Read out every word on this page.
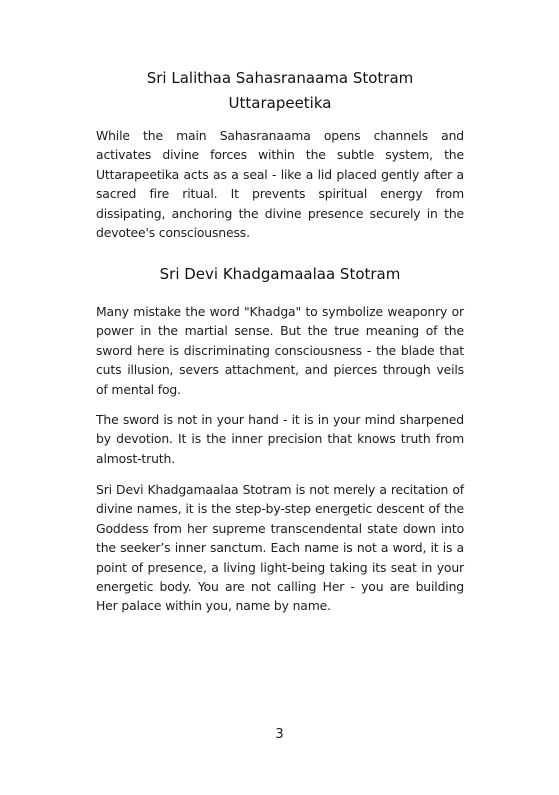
Sri Lalithaa Sahasranaama Stotram
Uttarapeetika

While the main Sahasranaama opens channels and activates divine forces within the subtle system, the Uttarapeetika acts as a seal - like a lid placed gently after a sacred fire ritual. It prevents spiritual energy from dissipating, anchoring the divine presence securely in the devotee's consciousness.

Sri Devi Khadgamaalaa Stotram

Many mistake the word "Khadga" to symbolize weaponry or power in the martial sense. But the true meaning of the sword here is discriminating consciousness - the blade that cuts illusion, severs attachment, and pierces through veils of mental fog.

The sword is not in your hand - it is in your mind sharpened by devotion. It is the inner precision that knows truth from almost-truth.

Sri Devi Khadgamaalaa Stotram is not merely a recitation of divine names, it is the step-by-step energetic descent of the Goddess from her supreme transcendental state down into the seeker’s inner sanctum. Each name is not a word, it is a point of presence, a living light-being taking its seat in your energetic body. You are not calling Her - you are building Her palace within you, name by name.

3
